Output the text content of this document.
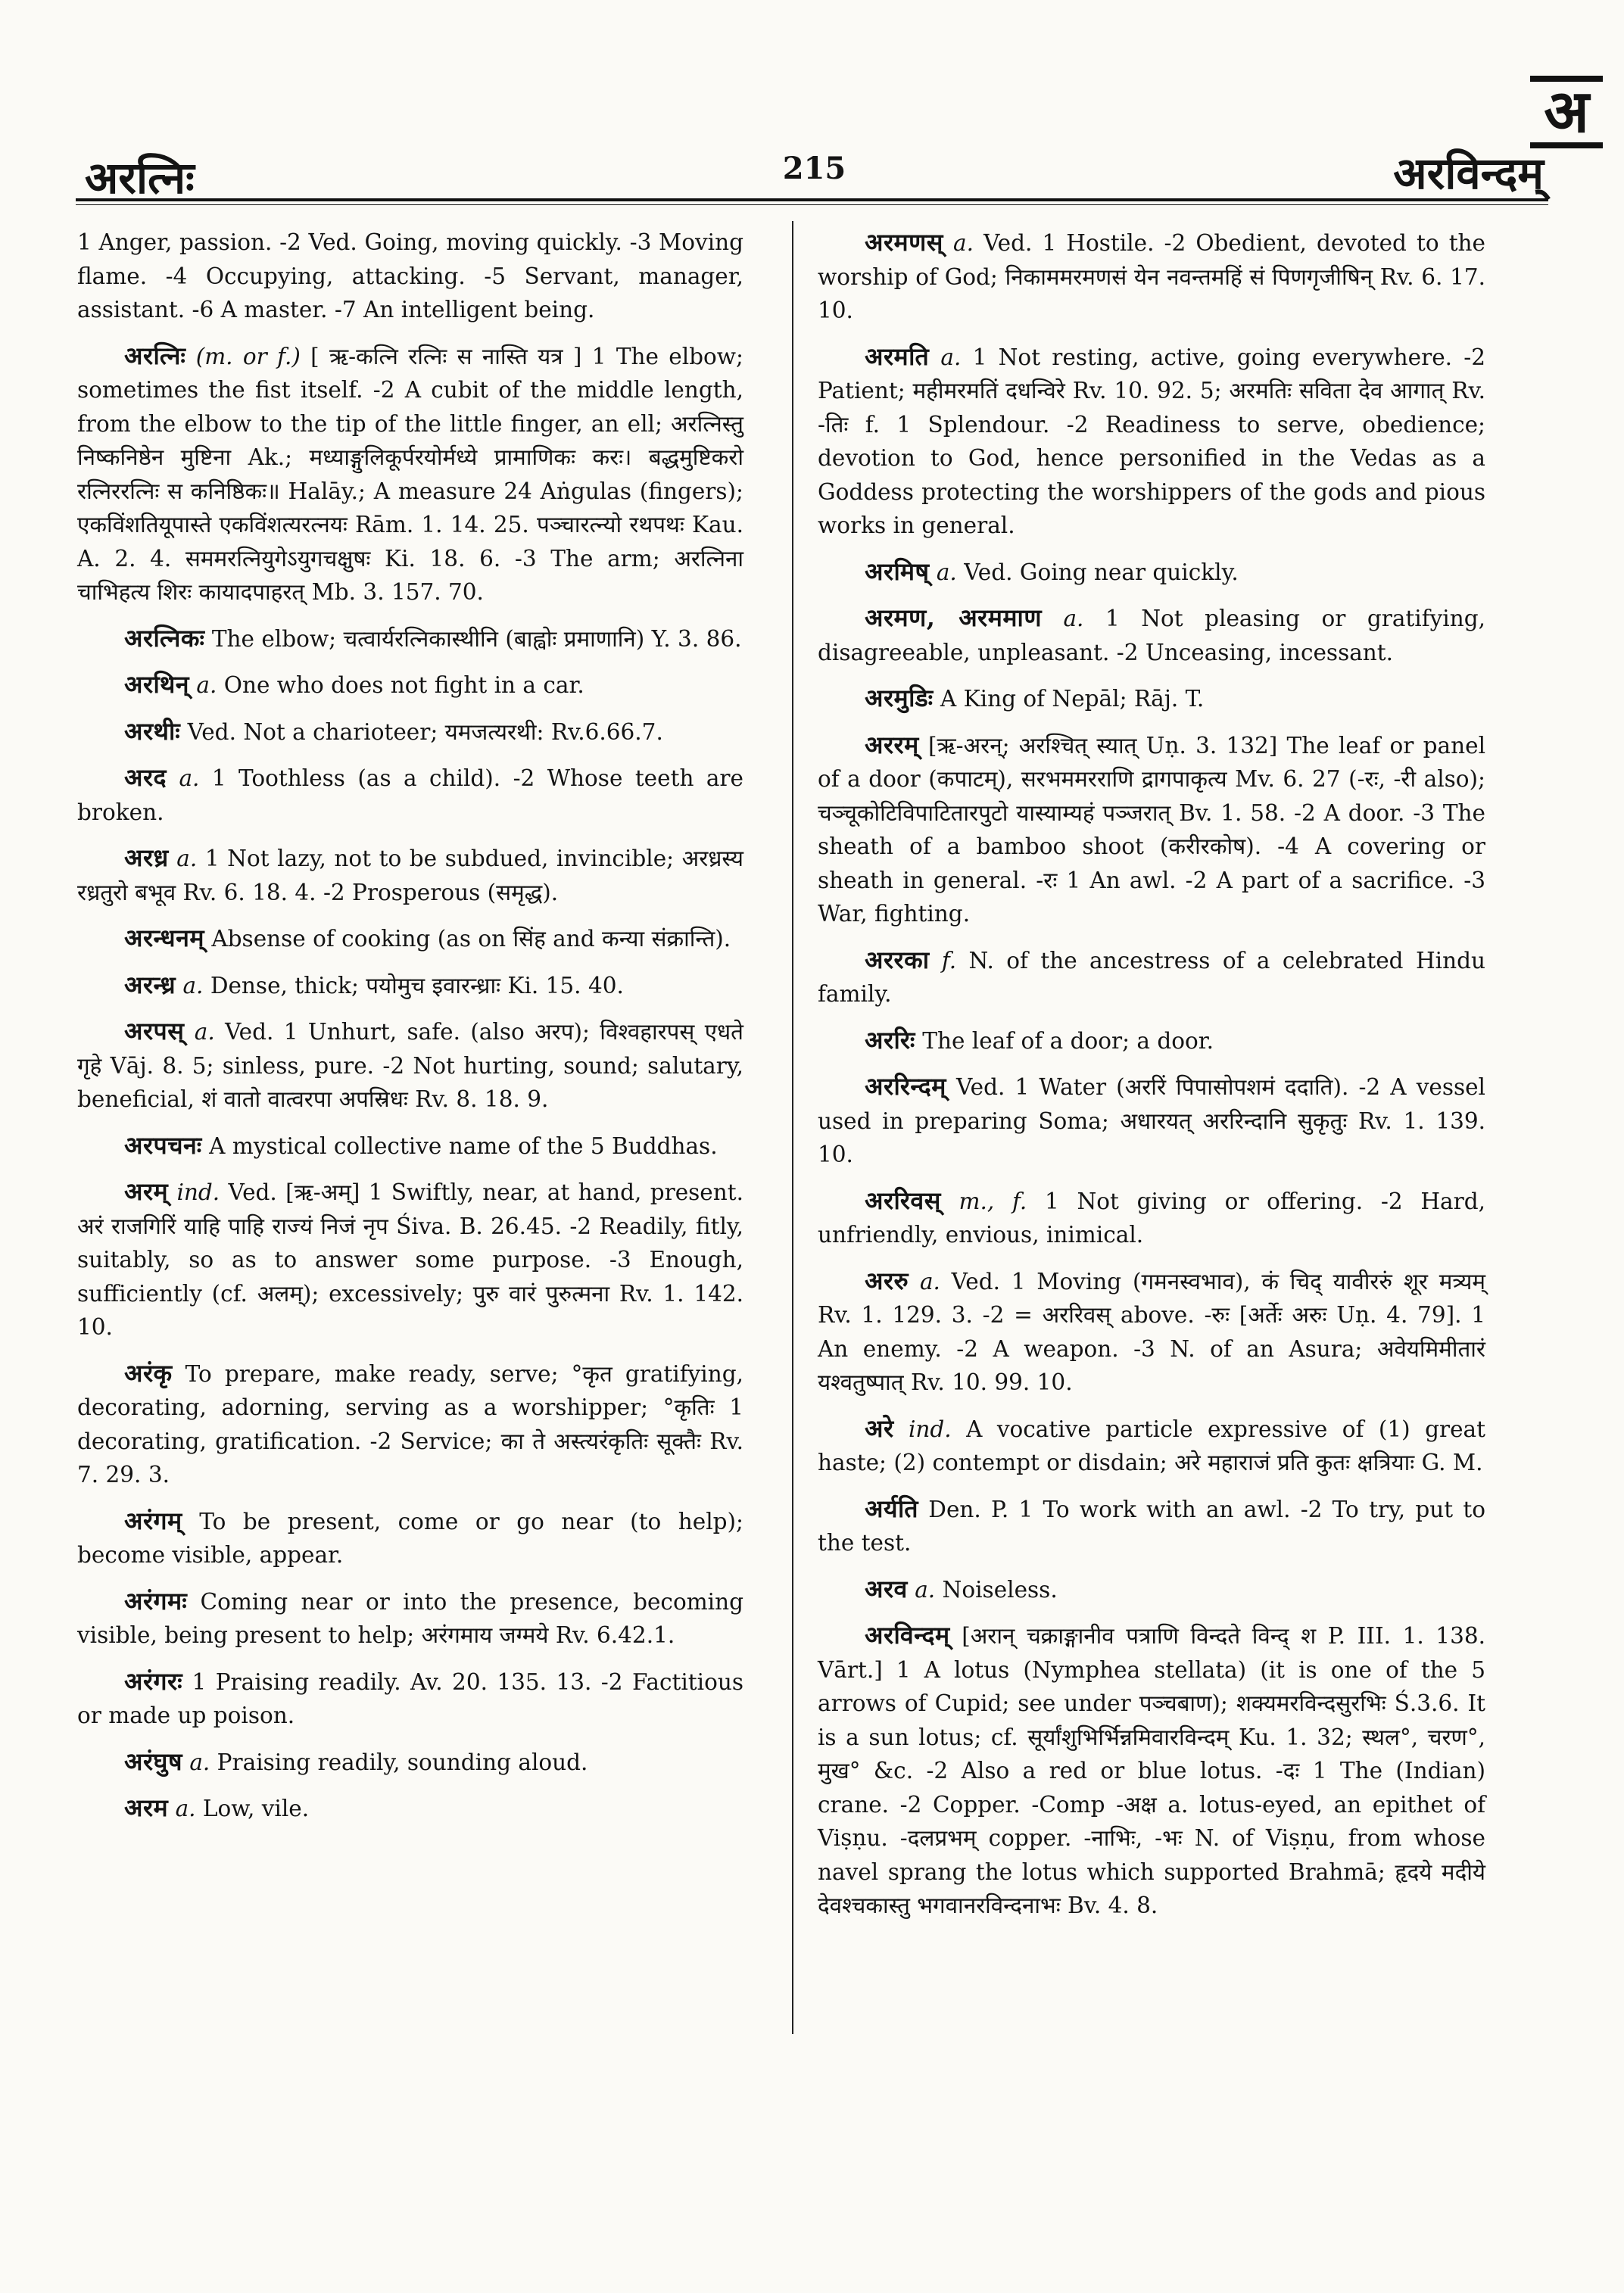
अ
अरत्निः	215	अरविन्दम्

1 Anger, passion. -2 Ved. Going, moving quickly. -3 Moving flame. -4 Occupying, attacking. -5 Servant, manager, assistant. -6 A master. -7 An intelligent being.

अरत्निः (m. or f.) [ ऋ-कत्नि रत्निः स नास्ति यत्र ] 1 The elbow; sometimes the fist itself. -2 A cubit of the middle length, from the elbow to the tip of the little finger, an ell; अरत्निस्तु निष्कनिष्ठेन मुष्टिना Ak.; मध्याङ्गुलिकूर्परयोर्मध्ये प्रामाणिकः करः। बद्धमुष्टिकरो रत्निररत्निः स कनिष्ठिकः॥ Halāy.; A measure 24 Aṅgulas (fingers); एकविंशतियूपास्ते एकविंशत्यरत्नयः Rām. 1. 14. 25. पञ्चारत्न्यो रथपथः Kau. A. 2. 4. सममरत्नियुगेऽयुगचक्षुषः Ki. 18. 6. -3 The arm; अरत्निना चाभिहत्य शिरः कायादपाहरत् Mb. 3. 157. 70.

अरत्निकः The elbow; चत्वार्यरत्निकास्थीनि (बाह्वोः प्रमाणानि) Y. 3. 86.

अरथिन् a. One who does not fight in a car.

अरथीः Ved. Not a charioteer; यमजत्यरथी: Rv.6.66.7.

अरद a. 1 Toothless (as a child). -2 Whose teeth are broken.

अरध्र a. 1 Not lazy, not to be subdued, invincible; अरध्रस्य रध्रतुरो बभूव Rv. 6. 18. 4. -2 Prosperous (समृद्ध).

अरन्धनम् Absense of cooking (as on सिंह and कन्या संक्रान्ति).

अरन्ध्र a. Dense, thick; पयोमुच इवारन्ध्राः Ki. 15. 40.

अरपस् a. Ved. 1 Unhurt, safe. (also अरप); विश्वहारपस् एधते गृहे Vāj. 8. 5; sinless, pure. -2 Not hurting, sound; salutary, beneficial, शं वातो वात्वरपा अपस्रिधः Rv. 8. 18. 9.

अरपचनः A mystical collective name of the 5 Buddhas.

अरम् ind. Ved. [ऋ-अम्] 1 Swiftly, near, at hand, present. अरं राजगिरिं याहि पाहि राज्यं निजं नृप Śiva. B. 26.45. -2 Readily, fitly, suitably, so as to answer some purpose. -3 Enough, sufficiently (cf. अलम्); excessively; पुरु वारं पुरुत्मना Rv. 1. 142. 10.

अरंकृ To prepare, make ready, serve; °कृत gratifying, decorating, adorning, serving as a worshipper; °कृतिः 1 decorating, gratification. -2 Service; का ते अस्त्यरंकृतिः सूक्तैः Rv. 7. 29. 3.

अरंगम् To be present, come or go near (to help); become visible, appear.

अरंगमः Coming near or into the presence, becoming visible, being present to help; अरंगमाय जग्मये Rv. 6.42.1.

अरंगरः 1 Praising readily. Av. 20. 135. 13. -2 Factitious or made up poison.

अरंघुष a. Praising readily, sounding aloud.

अरम a. Low, vile.

अरमणस् a. Ved. 1 Hostile. -2 Obedient, devoted to the worship of God; निकाममरमणसं येन नवन्तमहिं सं पिणगृजीषिन् Rv. 6. 17. 10.

अरमति a. 1 Not resting, active, going everywhere. -2 Patient; महीमरमतिं दधन्विरे Rv. 10. 92. 5; अरमतिः सविता देव आगात् Rv. -तिः f. 1 Splendour. -2 Readiness to serve, obedience; devotion to God, hence personified in the Vedas as a Goddess protecting the worshippers of the gods and pious works in general.

अरमिष् a. Ved. Going near quickly.

अरमण, अरममाण a. 1 Not pleasing or gratifying, disagreeable, unpleasant. -2 Unceasing, incessant.

अरमुडिः A King of Nepāl; Rāj. T.

अररम् [ऋ-अरन्; अरश्चित् स्यात् Uṇ. 3. 132] The leaf or panel of a door (कपाटम्), सरभममरराणि द्रागपाकृत्य Mv. 6. 27 (-रः, -री also); चञ्चूकोटिविपाटितारपुटो यास्याम्यहं पञ्जरात् Bv. 1. 58. -2 A door. -3 The sheath of a bamboo shoot (करीरकोष). -4 A covering or sheath in general. -रः 1 An awl. -2 A part of a sacrifice. -3 War, fighting.

अररका f. N. of the ancestress of a celebrated Hindu family.

अररिः The leaf of a door; a door.

अररिन्दम् Ved. 1 Water (अररिं पिपासोपशमं ददाति). -2 A vessel used in preparing Soma; अधारयत् अररिन्दानि सुकृतुः Rv. 1. 139. 10.

अररिवस् m., f. 1 Not giving or offering. -2 Hard, unfriendly, envious, inimical.

अररु a. Ved. 1 Moving (गमनस्वभाव), कं चिद् यावीररुं शूर मत्र्यम् Rv. 1. 129. 3. -2 = अररिवस् above. -रुः [अर्तेः अरुः Uṇ. 4. 79]. 1 An enemy. -2 A weapon. -3 N. of an Asura; अवेयमिमीतारं यश्वतुष्पात् Rv. 10. 99. 10.

अरे ind. A vocative particle expressive of (1) great haste; (2) contempt or disdain; अरे महाराजं प्रति कुतः क्षत्रियाः G. M.

अर्यति Den. P. 1 To work with an awl. -2 To try, put to the test.

अरव a. Noiseless.

अरविन्दम् [अरान् चक्राङ्गानीव पत्राणि विन्दते विन्द् श P. III. 1. 138. Vārt.] 1 A lotus (Nymphea stellata) (it is one of the 5 arrows of Cupid; see under पञ्चबाण); शक्यमरविन्दसुरभिः Ś.3.6. It is a sun lotus; cf. सूर्यांशुभिर्भिन्नमिवारविन्दम् Ku. 1. 32; स्थल°, चरण°, मुख° &c. -2 Also a red or blue lotus. -दः 1 The (Indian) crane. -2 Copper. -Comp -अक्ष a. lotus-eyed, an epithet of Viṣṇu. -दलप्रभम् copper. -नाभिः, -भः N. of Viṣṇu, from whose navel sprang the lotus which supported Brahmā; हृदये मदीये देवश्चकास्तु भगवानरविन्दनाभः Bv. 4. 8.
